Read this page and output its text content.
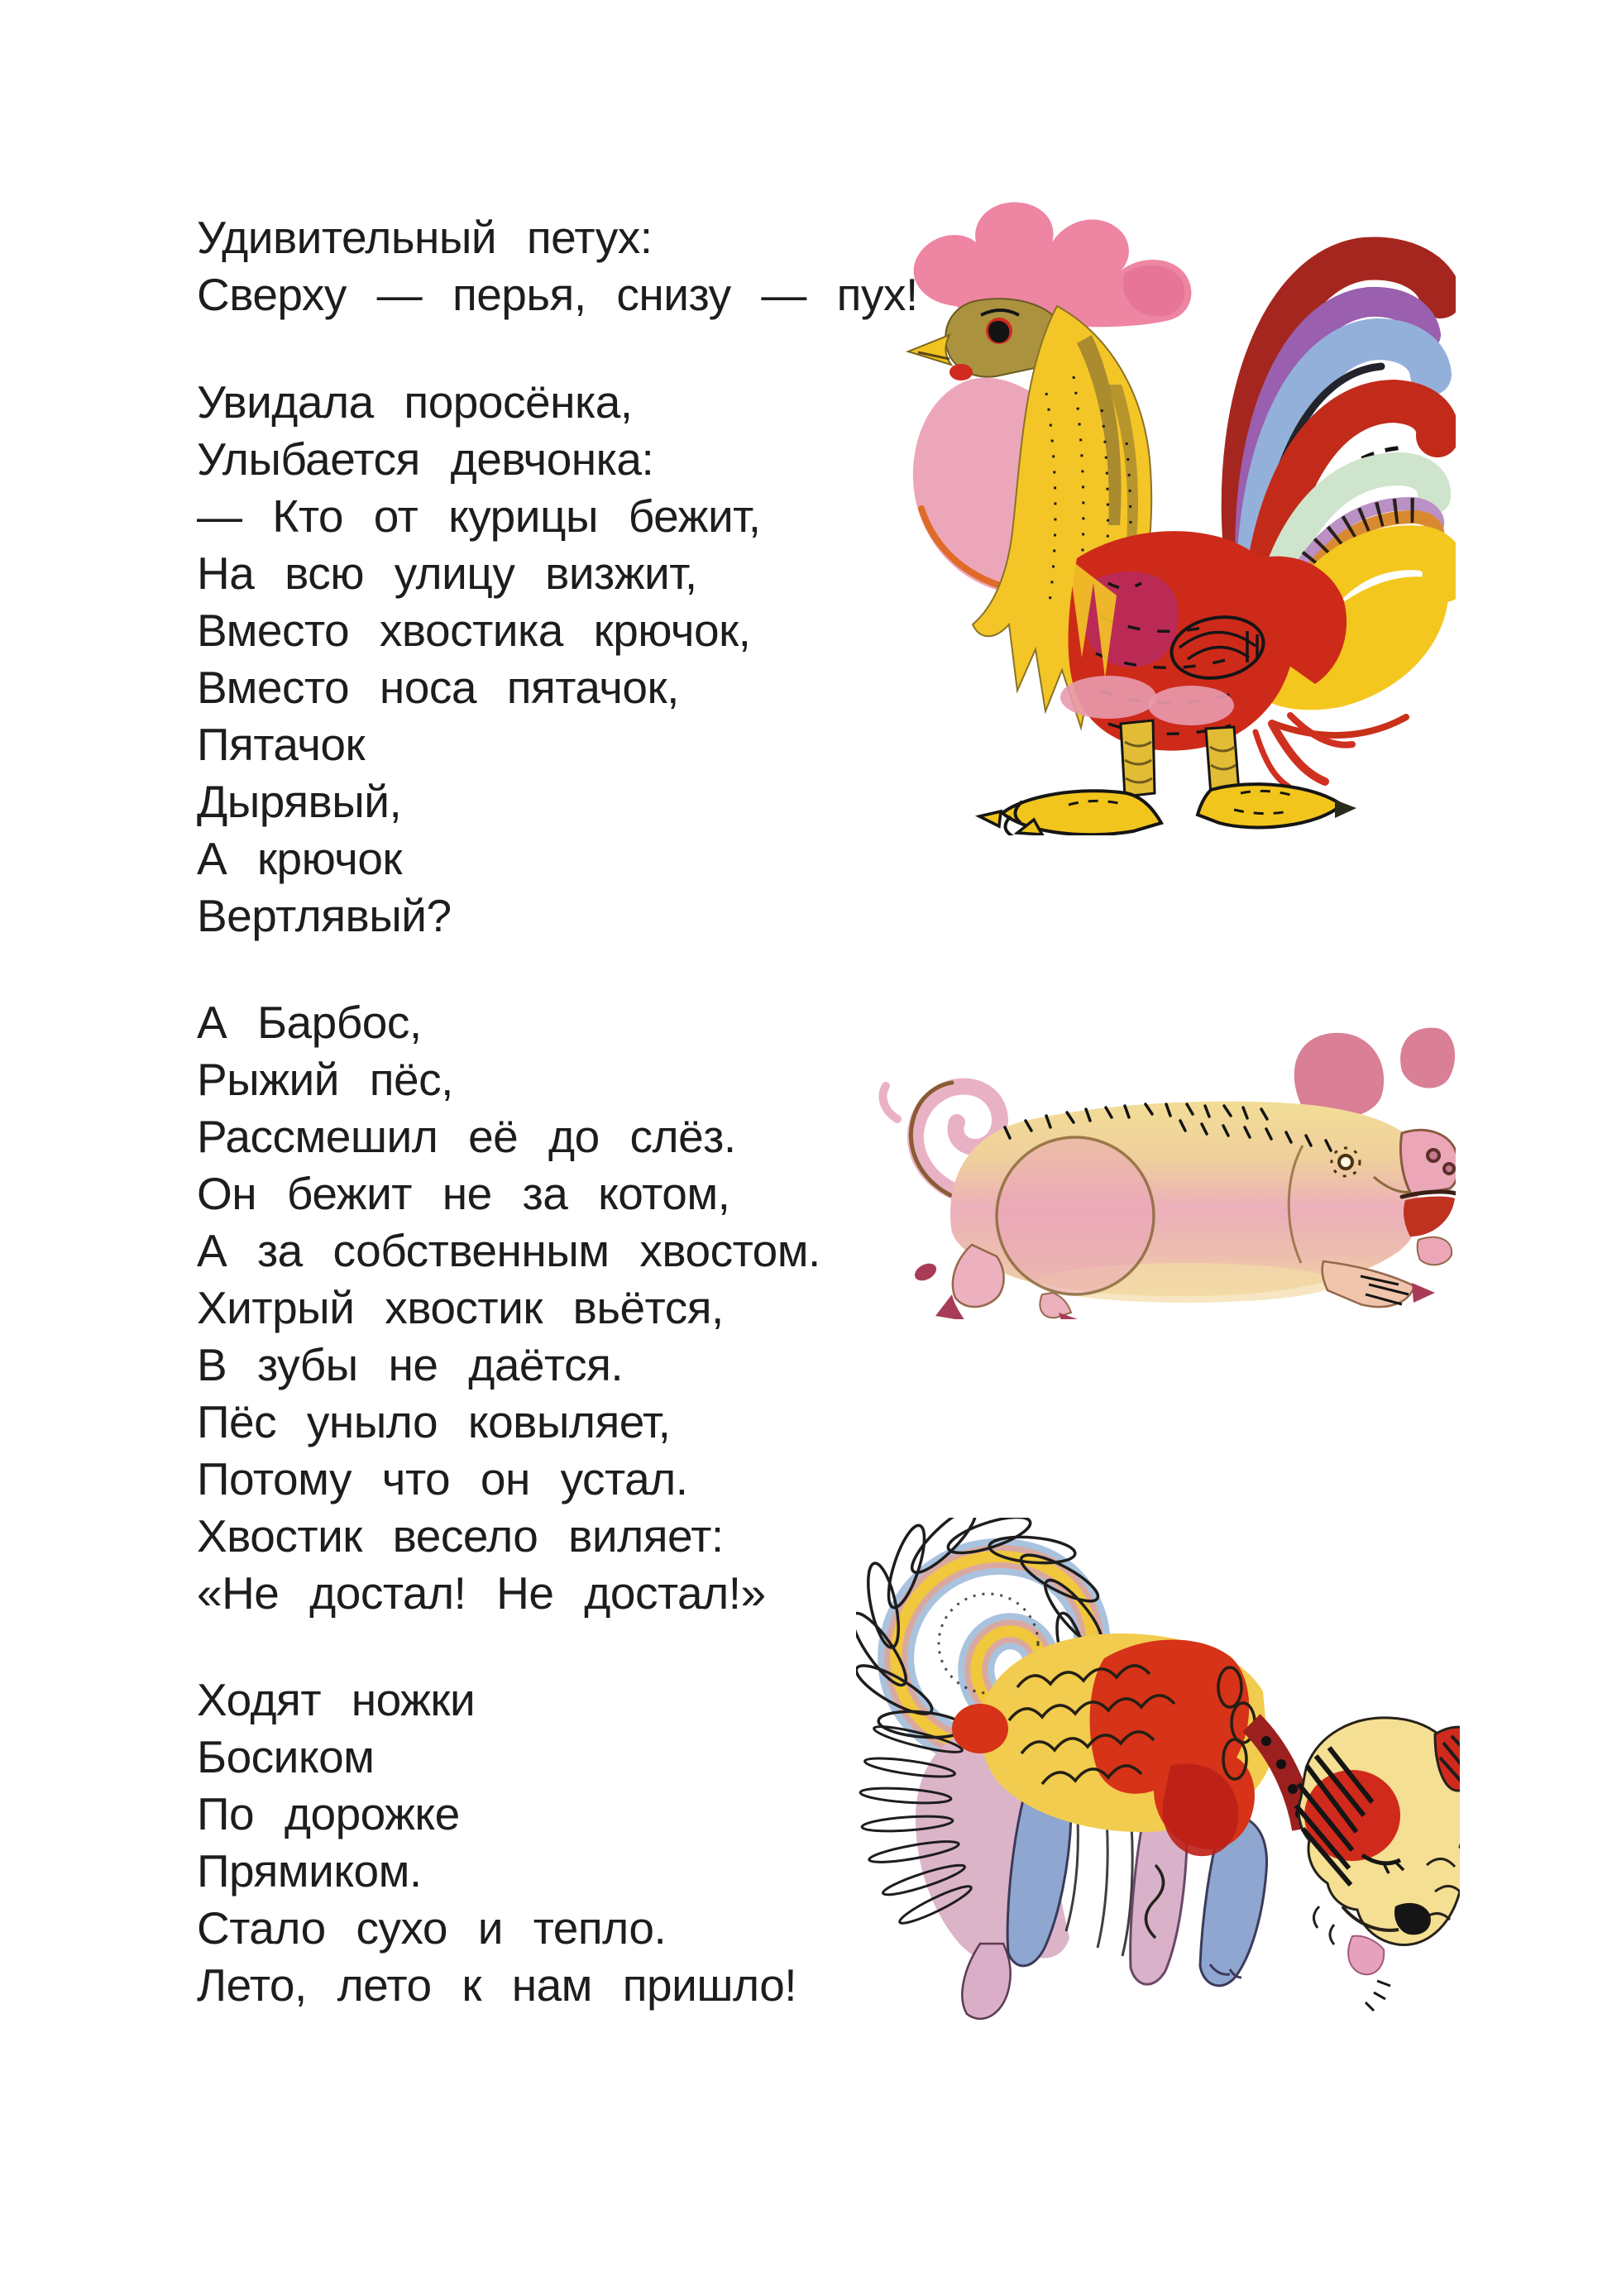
Удивительный петух:

Сверху — перья, снизу — пух!

Увидала поросёнка,

Улыбается девчонка:

— Кто от курицы бежит,

На всю улицу визжит,

Вместо хвостика крючок,

Вместо носа пятачок,

Пятачок

Дырявый,

А крючок

Вертлявый?

А Барбос,

Рыжий пёс,

Рассмешил её до слёз.

Он бежит не за котом,

А за собственным хвостом.

Хитрый хвостик вьётся,

В зубы не даётся.

Пёс уныло ковыляет,

Потому что он устал.

Хвостик весело виляет:

«Не достал! Не достал!»

Ходят ножки

Босиком

По дорожке

Прямиком.

Стало сухо и тепло.

Лето, лето к нам пришло!
